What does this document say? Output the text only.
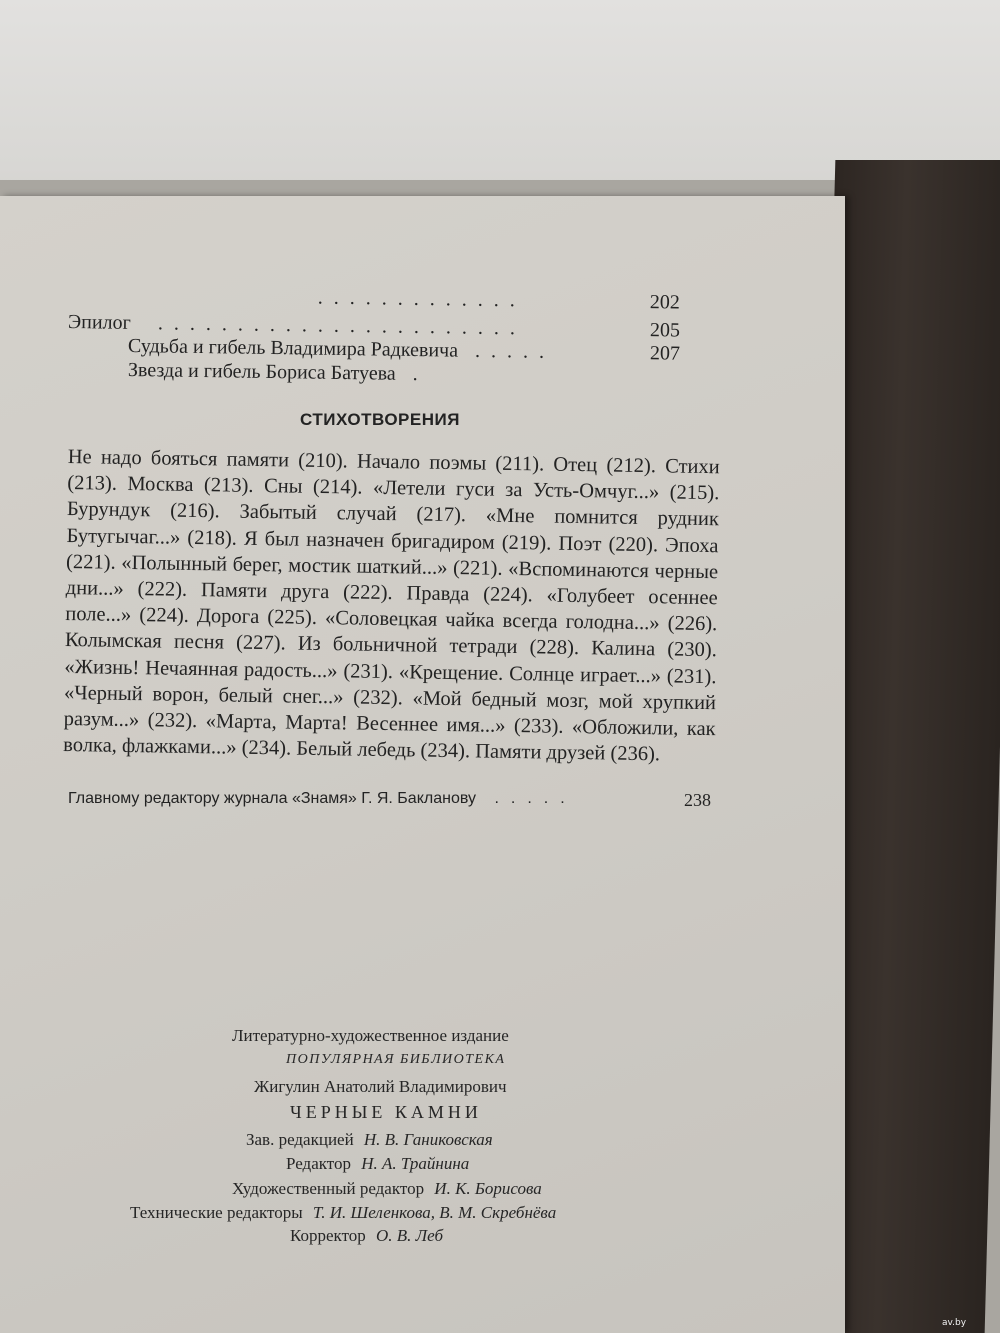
.............	202
Эпилог .......................	205
Судьба и гибель Владимира Радкевича .....	207
Звезда и гибель Бориса Батуева .
СТИХОТВОРЕНИЯ
Не надо бояться памяти (210). Начало поэмы (211). Отец (212). Стихи (213). Москва (213). Сны (214). «Летели гуси за Усть-Омчуг...» (215). Бурундук (216). Забытый случай (217). «Мне помнится рудник Бутугычаг...» (218). Я был назначен бригадиром (219). Поэт (220). Эпоха (221). «Полынный берег, мостик шаткий...» (221). «Вспоминаются черные дни...» (222). Памяти друга (222). Правда (224). «Голубеет осеннее поле...» (224). Дорога (225). «Соловецкая чайка всегда голодна...» (226). Колымская песня (227). Из больничной тетради (228). Калина (230). «Жизнь! Нечаянная радость...» (231). «Крещение. Солнце играет...» (231). «Черный ворон, белый снег...» (232). «Мой бедный мозг, мой хрупкий разум...» (232). «Марта, Марта! Весеннее имя...» (233). «Обложили, как волка, флажками...» (234). Белый лебедь (234). Памяти друзей (236).
Главному редактору журнала «Знамя» Г. Я. Бакланову .....	238
Литературно-художественное издание
ПОПУЛЯРНАЯ БИБЛИОТЕКА
Жигулин Анатолий Владимирович
ЧЕРНЫЕ КАМНИ
Зав. редакцией Н. В. Ганиковская
Редактор Н. А. Трайнина
Художественный редактор И. К. Борисова
Технические редакторы Т. И. Шеленкова, В. М. Скребнёва
Корректор О. В. Леб
av.by
